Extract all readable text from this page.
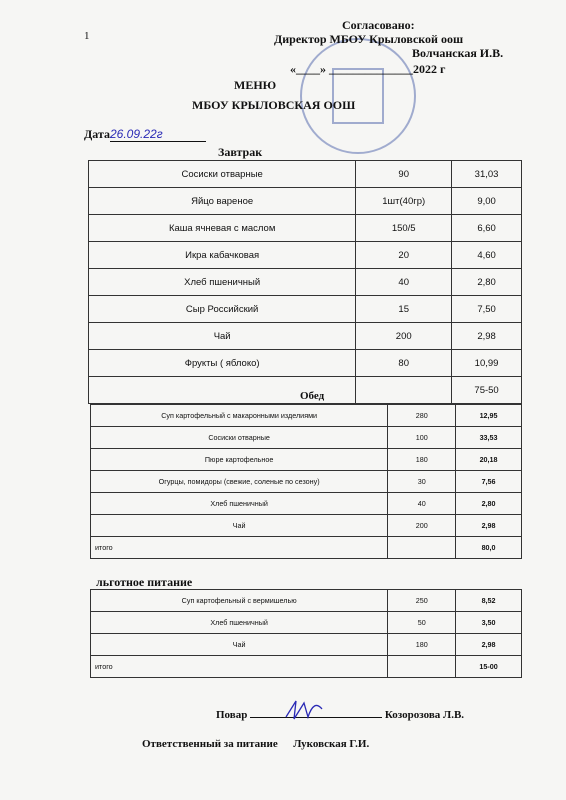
1
Согласовано:
Директор МБОУ Крыловской оош
Волчанская И.В.
«____» ______________2022 г
МЕНЮ
МБОУ КРЫЛОВСКАЯ ООШ
Дата26.09.22г
Завтрак
Сосиски отварные	90	31,03
Яйцо вареное	1шт(40гр)	9,00
Каша ячневая с маслом	150/5	6,60
Икра кабачковая	20	4,60
Хлеб пшеничный	40	2,80
Сыр Российский	15	7,50
Чай	200	2,98
Фрукты ( яблоко)	80	10,99
		75-50
Обед
Суп картофельный с макаронными изделиями	280	12,95
Сосиски отварные	100	33,53
Пюре картофельное	180	20,18
Огурцы, помидоры (свежие, соленые по сезону)	30	7,56
Хлеб пшеничный	40	2,80
Чай	200	2,98
итого		80,0
льготное питание
Суп картофельный с вермишелью	250	8,52
Хлеб пшеничный	50	3,50
Чай	180	2,98
итого		15-00
Повар	Козорозова Л.В.
Ответственный за питание Луковская Г.И.
